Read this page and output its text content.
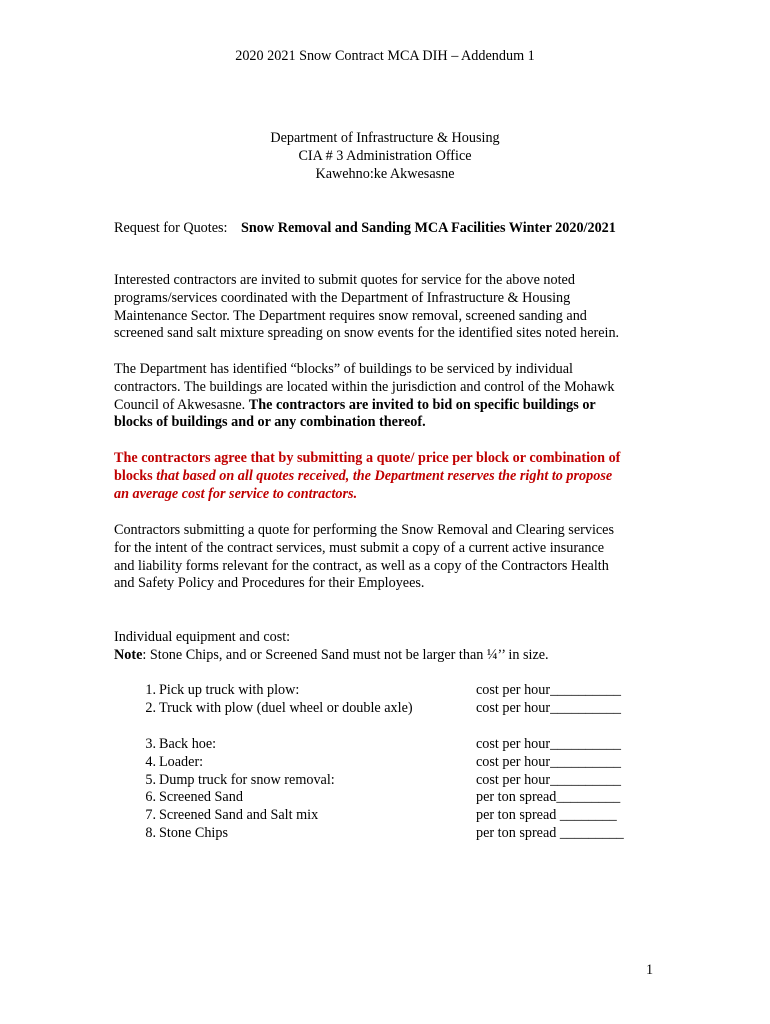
2020 2021 Snow Contract MCA DIH – Addendum 1
Department of Infrastructure & Housing
CIA # 3 Administration Office
Kawehno:ke Akwesasne
Request for Quotes: Snow Removal and Sanding MCA Facilities Winter 2020/2021
Interested contractors are invited to submit quotes for service for the above noted
programs/services coordinated with the Department of Infrastructure & Housing
Maintenance Sector. The Department requires snow removal, screened sanding and
screened sand salt mixture spreading on snow events for the identified sites noted herein.
The Department has identified “blocks” of buildings to be serviced by individual
contractors. The buildings are located within the jurisdiction and control of the Mohawk
Council of Akwesasne. The contractors are invited to bid on specific buildings or
blocks of buildings and or any combination thereof.
The contractors agree that by submitting a quote/ price per block or combination of
blocks that based on all quotes received, the Department reserves the right to propose
an average cost for service to contractors.
Contractors submitting a quote for performing the Snow Removal and Clearing services
for the intent of the contract services, must submit a copy of a current active insurance
and liability forms relevant for the contract, as well as a copy of the Contractors Health
and Safety Policy and Procedures for their Employees.
Individual equipment and cost:
Note: Stone Chips, and or Screened Sand must not be larger than ¼’’ in size.
1. Pick up truck with plow:	cost per hour__________
2. Truck with plow (duel wheel or double axle)	cost per hour__________
3. Back hoe:	cost per hour__________
4. Loader:	cost per hour__________
5. Dump truck for snow removal:	cost per hour__________
6. Screened Sand	per ton spread_________
7. Screened Sand and Salt mix	per ton spread ________
8. Stone Chips	per ton spread _________
1
